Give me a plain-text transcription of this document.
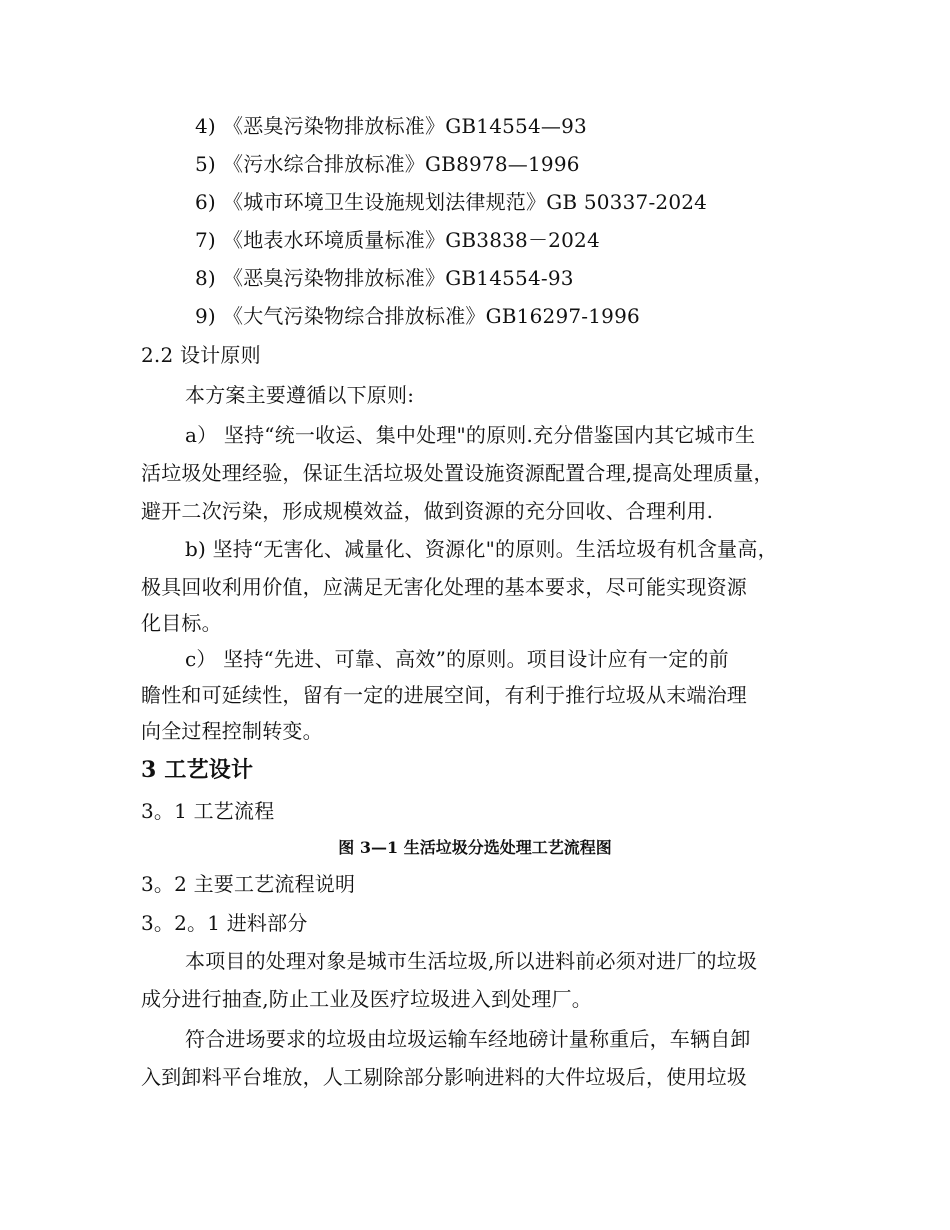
4) 《恶臭污染物排放标准》GB14554—93
5) 《污水综合排放标准》GB8978—1996
6) 《城市环境卫生设施规划法律规范》GB 50337-2024
7) 《地表水环境质量标准》GB3838－2024
8) 《恶臭污染物排放标准》GB14554-93
9) 《大气污染物综合排放标准》GB16297-1996
2.2 设计原则
本方案主要遵循以下原则:
a） 坚持“统一收运、集中处理"的原则.充分借鉴国内其它城市生
活垃圾处理经验，保证生活垃圾处置设施资源配置合理,提高处理质量，
避开二次污染，形成规模效益，做到资源的充分回收、合理利用.
b) 坚持“无害化、减量化、资源化"的原则。生活垃圾有机含量高，
极具回收利用价值，应满足无害化处理的基本要求，尽可能实现资源
化目标。
c） 坚持“先进、可靠、高效”的原则。项目设计应有一定的前
瞻性和可延续性，留有一定的进展空间，有利于推行垃圾从末端治理
向全过程控制转变。
3 工艺设计
3。1 工艺流程
图 3—1 生活垃圾分选处理工艺流程图
3。2 主要工艺流程说明
3。2。1 进料部分
本项目的处理对象是城市生活垃圾,所以进料前必须对进厂的垃圾
成分进行抽查,防止工业及医疗垃圾进入到处理厂。
符合进场要求的垃圾由垃圾运输车经地磅计量称重后，车辆自卸
入到卸料平台堆放，人工剔除部分影响进料的大件垃圾后，使用垃圾
